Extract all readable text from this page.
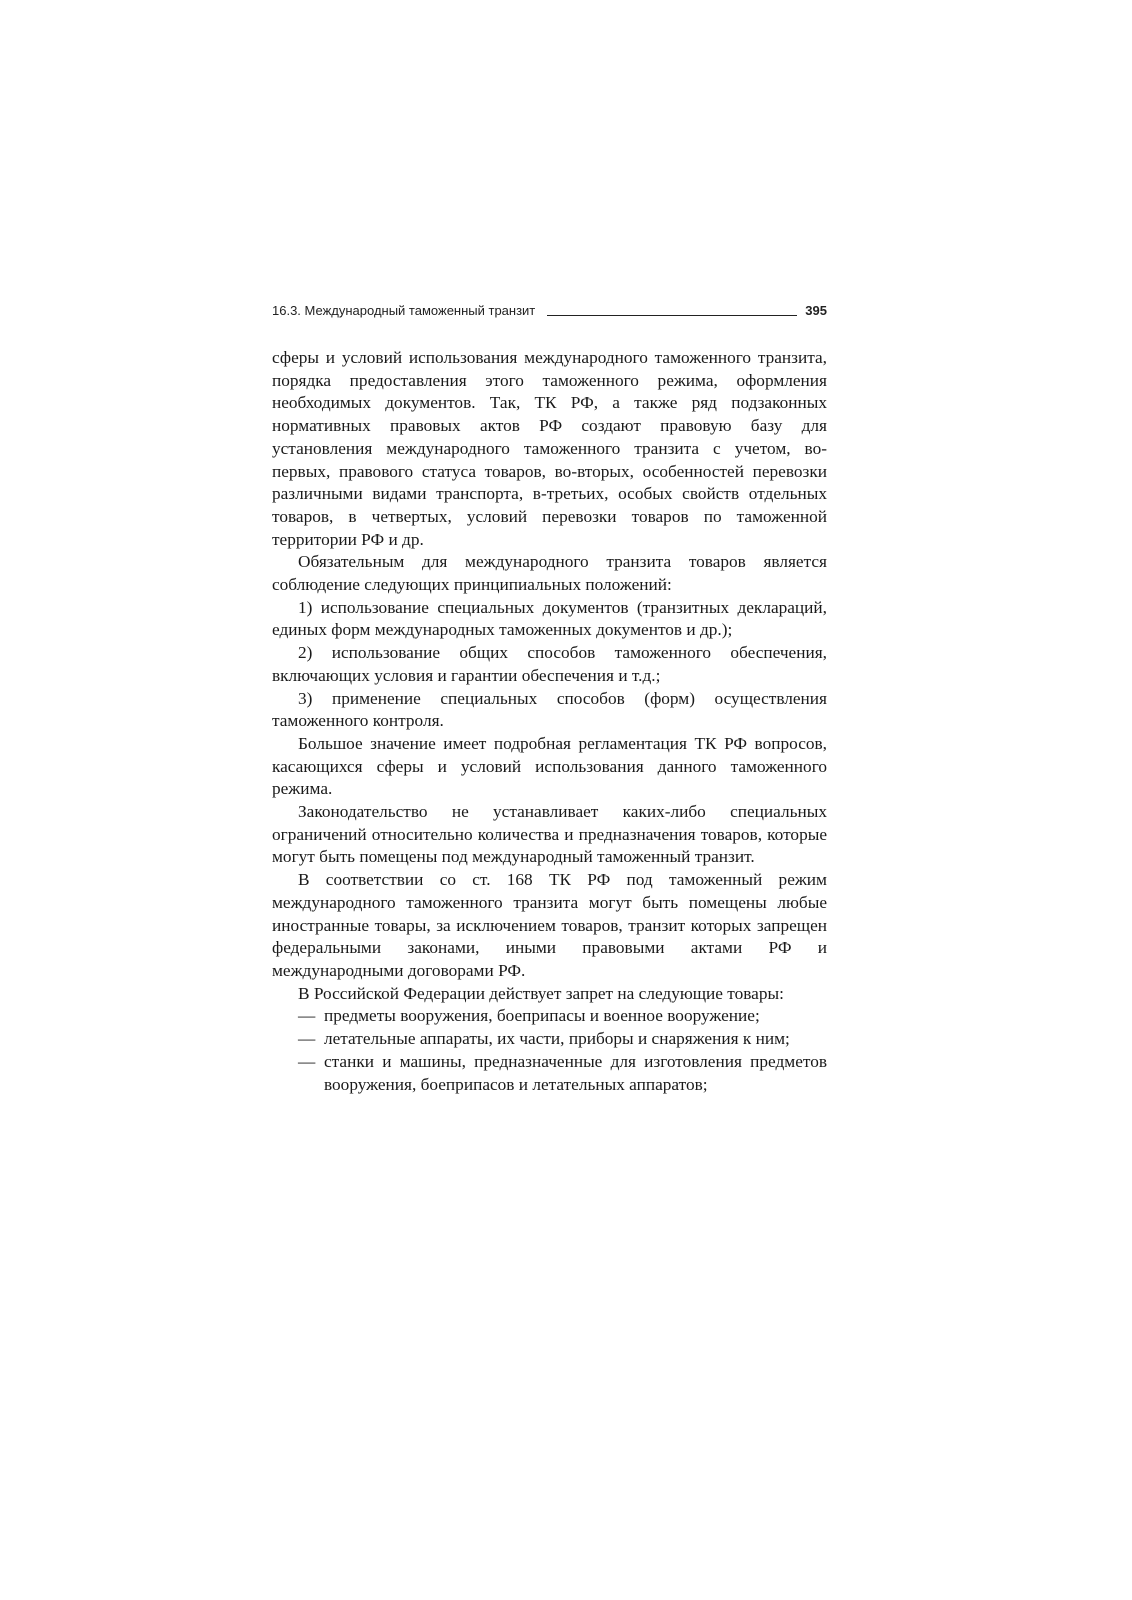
16.3. Международный таможенный транзит	395

сферы и условий использования международного таможенного транзита, порядка предоставления этого таможенного режима, оформления необходимых документов. Так, ТК РФ, а также ряд подзаконных нормативных правовых актов РФ создают правовую базу для установления международного таможенного транзита с учетом, во-первых, правового статуса товаров, во-вторых, особенностей перевозки различными видами транспорта, в-третьих, особых свойств отдельных товаров, в четвертых, условий перевозки товаров по таможенной территории РФ и др.

Обязательным для международного транзита товаров является соблюдение следующих принципиальных положений:

1) использование специальных документов (транзитных деклараций, единых форм международных таможенных документов и др.);

2) использование общих способов таможенного обеспечения, включающих условия и гарантии обеспечения и т.д.;

3) применение специальных способов (форм) осуществления таможенного контроля.

Большое значение имеет подробная регламентация ТК РФ вопросов, касающихся сферы и условий использования данного таможенного режима.

Законодательство не устанавливает каких-либо специальных ограничений относительно количества и предназначения товаров, которые могут быть помещены под международный таможенный транзит.

В соответствии со ст. 168 ТК РФ под таможенный режим международного таможенного транзита могут быть помещены любые иностранные товары, за исключением товаров, транзит которых запрещен федеральными законами, иными правовыми актами РФ и международными договорами РФ.

В Российской Федерации действует запрет на следующие товары:

— предметы вооружения, боеприпасы и военное вооружение;
— летательные аппараты, их части, приборы и снаряжения к ним;
— станки и машины, предназначенные для изготовления предметов вооружения, боеприпасов и летательных аппаратов;
